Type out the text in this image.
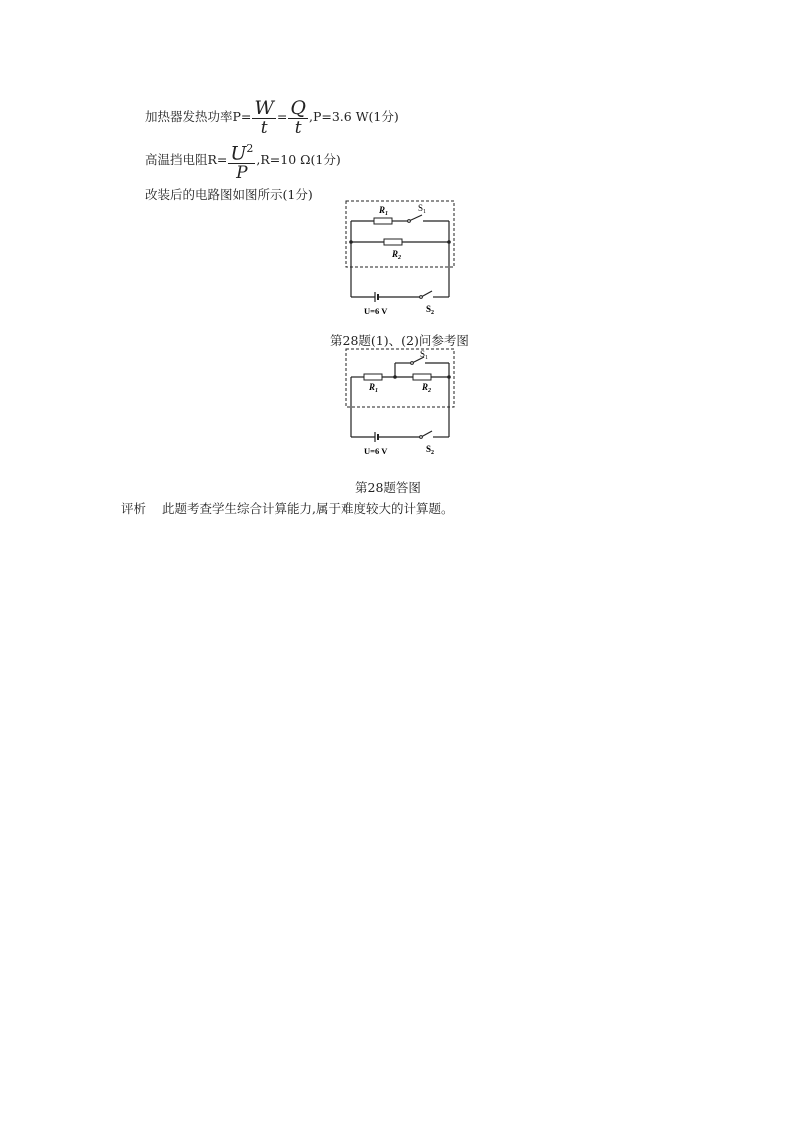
加热器发热功率$P= \frac{W}{t} = \frac{Q}{t} ,P=3.6$ W(1分)
高温挡电阻$R= \frac{U^2}{P} ,R=10$ Ω(1分)
改装后的电路图如图所示(1分)
$R_1$
$S_1$
$R_2$
U=6 V	$S_2$
第28题(1)、(2)问参考图
$S_1$
$R_1$	$R_2$
U=6 V	$S_2$
第28题答图
评析 此题考查学生综合计算能力,属于难度较大的计算题。
